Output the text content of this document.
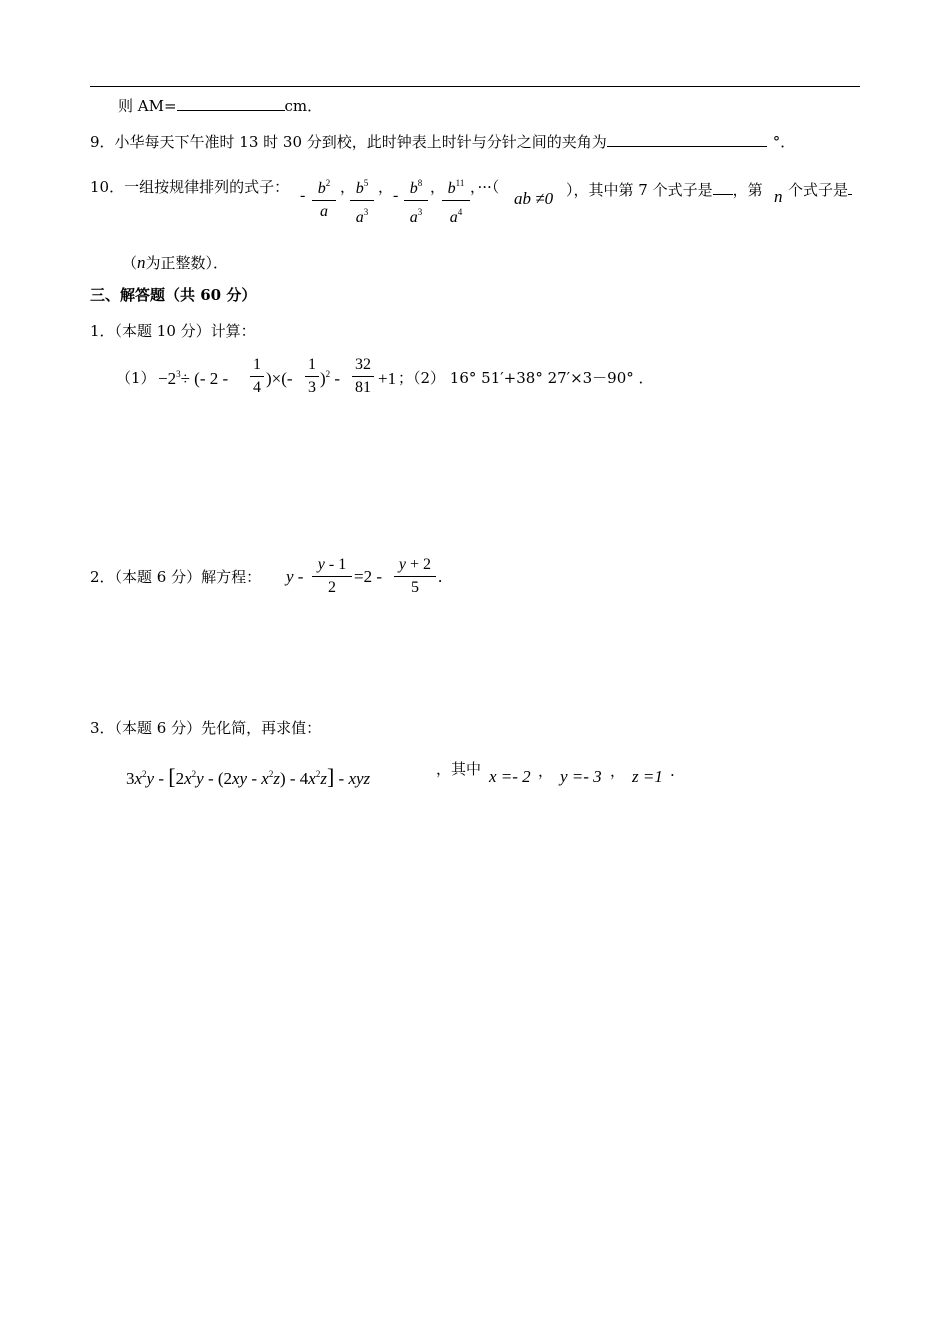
则 AM=	cm．
9．小华每天下午准时 13 时 30 分到校，此时钟表上时针与分针之间的夹角为	°．
10．一组按规律排列的式子： - $b^2$
a
， $b^5$
$a^3$
， - $b^8$
$a^3$
， $b^{11}$
$a^4$
，···（
ab ≠0 ），其中第 7 个式子是 ，第 n 个式子是
（n为正整数）．
三、解答题（共 60 分）
1．（本题 10 分）计算：
$(1) -2^3\div$ (- 2 -
1
4 )×(-
1
3 )$^2$ -
32
81 +1 ；（2） 16° 51′+38° 27′×3－90° ．
2．（本题 6 分）解方程： y -
y - 1
2
=2 -
y + 2
5
.
3．（本题 6 分）先化简，再求值：
$3x^2y - [2x^2y - (2xy - x^2z) - 4x^2z]$ - xyz	，其中 x =- 2 ， y =- 3 ， z =1 ·
